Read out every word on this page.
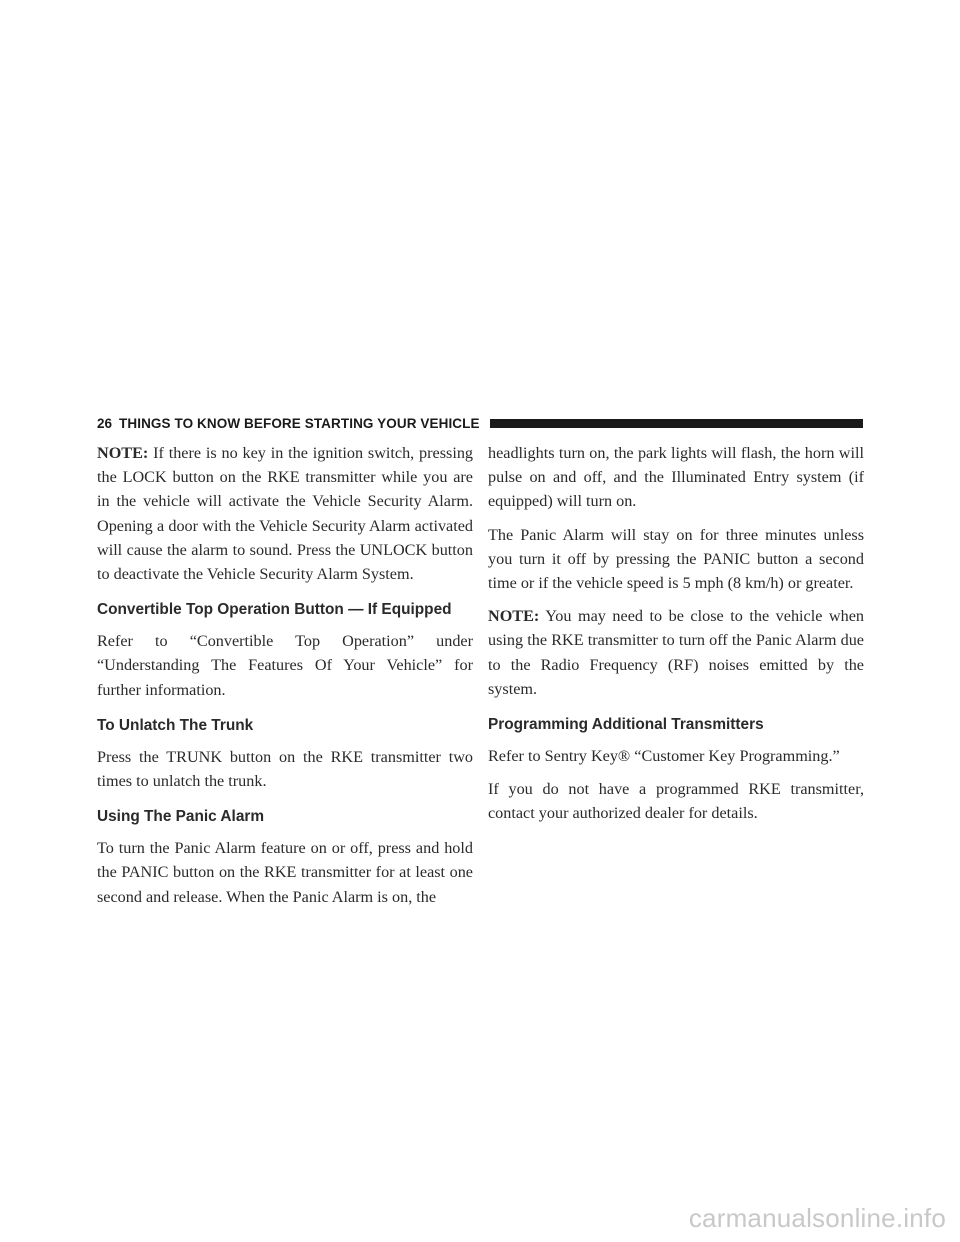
26 THINGS TO KNOW BEFORE STARTING YOUR VEHICLE

NOTE: If there is no key in the ignition switch, pressing the LOCK button on the RKE transmitter while you are in the vehicle will activate the Vehicle Security Alarm. Opening a door with the Vehicle Security Alarm activated will cause the alarm to sound. Press the UNLOCK button to deactivate the Vehicle Security Alarm System.

Convertible Top Operation Button — If Equipped

Refer to “Convertible Top Operation” under “Understanding The Features Of Your Vehicle” for further information.

To Unlatch The Trunk

Press the TRUNK button on the RKE transmitter two times to unlatch the trunk.

Using The Panic Alarm

To turn the Panic Alarm feature on or off, press and hold the PANIC button on the RKE transmitter for at least one second and release. When the Panic Alarm is on, the

headlights turn on, the park lights will flash, the horn will pulse on and off, and the Illuminated Entry system (if equipped) will turn on.

The Panic Alarm will stay on for three minutes unless you turn it off by pressing the PANIC button a second time or if the vehicle speed is 5 mph (8 km/h) or greater.

NOTE: You may need to be close to the vehicle when using the RKE transmitter to turn off the Panic Alarm due to the Radio Frequency (RF) noises emitted by the system.

Programming Additional Transmitters

Refer to Sentry Key® “Customer Key Programming.”

If you do not have a programmed RKE transmitter, contact your authorized dealer for details.

carmanualsonline.info
